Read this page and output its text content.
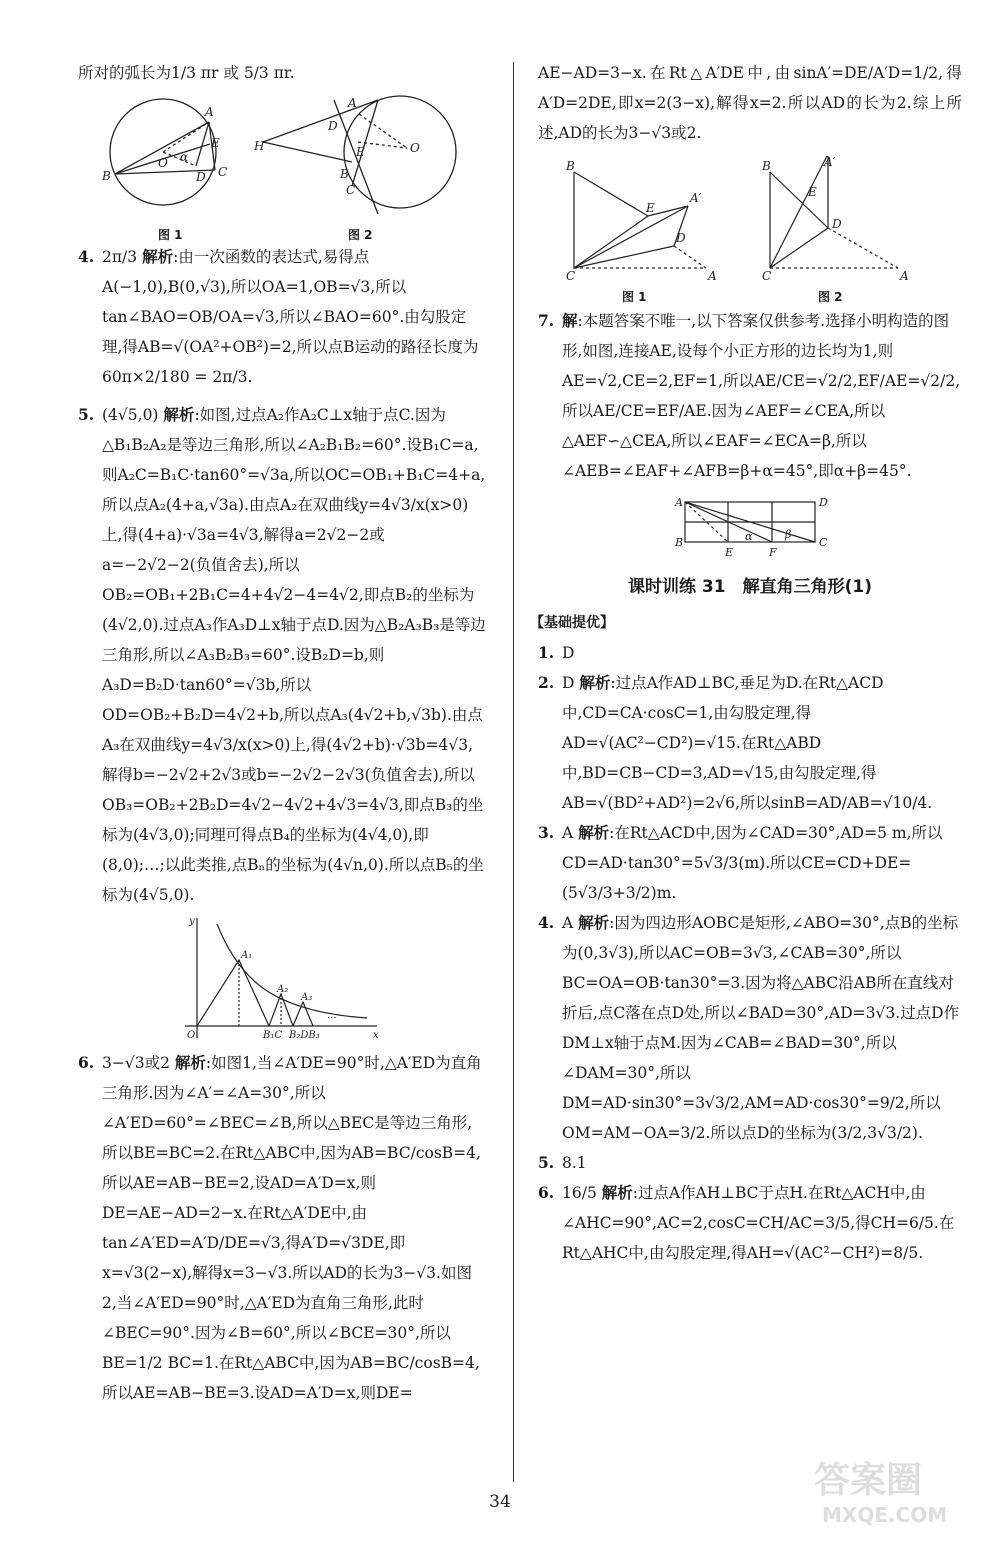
所对的弧长为1/3 πr 或 5/3 πr.

A
E
B	C
D
O α
H
A
D
E
B
C
O
图 1	图 2
4. 2π/3 解析:由一次函数的表达式,易得点A(−1,0),B(0,√3),所以OA=1,OB=√3,所以 tan∠BAO=OB/OA=√3,所以∠BAO=60°.由勾股定理,得AB=√(OA²+OB²)=2,所以点B运动的路径长度为 60π×2/180 = 2π/3.
5. (4√5,0) 解析:如图,过点A₂作A₂C⊥x轴于点C.因为△B₁B₂A₂是等边三角形,所以∠A₂B₁B₂=60°.设B₁C=a,则A₂C=B₁C·tan60°=√3a,所以OC=OB₁+B₁C=4+a,所以点A₂(4+a,√3a).由点A₂在双曲线y=4√3/x(x>0)上,得(4+a)·√3a=4√3,解得a=2√2−2或a=−2√2−2(负值舍去),所以OB₂=OB₁+2B₁C=4+4√2−4=4√2,即点B₂的坐标为(4√2,0).过点A₃作A₃D⊥x轴于点D.因为△B₂A₃B₃是等边三角形,所以∠A₃B₂B₃=60°.设B₂D=b,则A₃D=B₂D·tan60°=√3b,所以OD=OB₂+B₂D=4√2+b,所以点A₃(4√2+b,√3b).由点A₃在双曲线y=4√3/x(x>0)上,得(4√2+b)·√3b=4√3,解得b=−2√2+2√3或b=−2√2−2√3(负值舍去),所以OB₃=OB₂+2B₂D=4√2−4√2+4√3=4√3,即点B₃的坐标为(4√3,0);同理可得点B₄的坐标为(4√4,0),即(8,0);…;以此类推,点Bₙ的坐标为(4√n,0).所以点B₅的坐标为(4√5,0).
y
x
O
A₁
A₂
A₃
B₁C B₂DB₃
...
6. 3−√3或2 解析:如图1,当∠A′DE=90°时,△A′ED为直角三角形.因为∠A′=∠A=30°,所以∠A′ED=60°=∠BEC=∠B,所以△BEC是等边三角形,所以BE=BC=2.在Rt△ABC中,因为AB=BC/cosB=4,所以AE=AB−BE=2,设AD=A′D=x,则DE=AE−AD=2−x.在Rt△A′DE中,由tan∠A′ED=A′D/DE=√3,得A′D=√3DE,即x=√3(2−x),解得x=3−√3.所以AD的长为3−√3.如图2,当∠A′ED=90°时,△A′ED为直角三角形,此时∠BEC=90°.因为∠B=60°,所以∠BCE=30°,所以BE=1/2 BC=1.在Rt△ABC中,因为AB=BC/cosB=4,所以AE=AB−BE=3.设AD=A′D=x,则DE=

AE−AD=3−x.在Rt△A′DE中,由sinA′=DE/A′D=1/2,得A′D=2DE,即x=2(3−x),解得x=2.所以AD的长为2.综上所述,AD的长为3−√3或2.

B
C	A
E
A′
D
B
C	A
A′
E
D
图 1	图 2
7. 解:本题答案不唯一,以下答案仅供参考.选择小明构造的图形,如图,连接AE,设每个小正方形的边长均为1,则AE=√2,CE=2,EF=1,所以AE/CE=√2/2,EF/AE=√2/2,所以AE/CE=EF/AE.因为∠AEF=∠CEA,所以△AEF∽△CEA,所以∠EAF=∠ECA=β,所以∠AEB=∠EAF+∠AFB=β+α=45°,即α+β=45°.
A	D
B	C
E	F
α	β
课时训练 31　解直角三角形(1)
【基础提优】
1. D
2. D 解析:过点A作AD⊥BC,垂足为D.在Rt△ACD中,CD=CA·cosC=1,由勾股定理,得AD=√(AC²−CD²)=√15.在Rt△ABD中,BD=CB−CD=3,AD=√15,由勾股定理,得AB=√(BD²+AD²)=2√6,所以sinB=AD/AB=√10/4.
3. A 解析:在Rt△ACD中,因为∠CAD=30°,AD=5 m,所以CD=AD·tan30°=5√3/3(m).所以CE=CD+DE=(5√3/3+3/2)m.
4. A 解析:因为四边形AOBC是矩形,∠ABO=30°,点B的坐标为(0,3√3),所以AC=OB=3√3,∠CAB=30°,所以BC=OA=OB·tan30°=3.因为将△ABC沿AB所在直线对折后,点C落在点D处,所以∠BAD=30°,AD=3√3.过点D作DM⊥x轴于点M.因为∠CAB=∠BAD=30°,所以∠DAM=30°,所以DM=AD·sin30°=3√3/2,AM=AD·cos30°=9/2,所以OM=AM−OA=3/2.所以点D的坐标为(3/2,3√3/2).
5. 8.1
6. 16/5 解析:过点A作AH⊥BC于点H.在Rt△ACH中,由∠AHC=90°,AC=2,cosC=CH/AC=3/5,得CH=6/5.在Rt△AHC中,由勾股定理,得AH=√(AC²−CH²)=8/5.
34
答案圈
MXQE.COM
